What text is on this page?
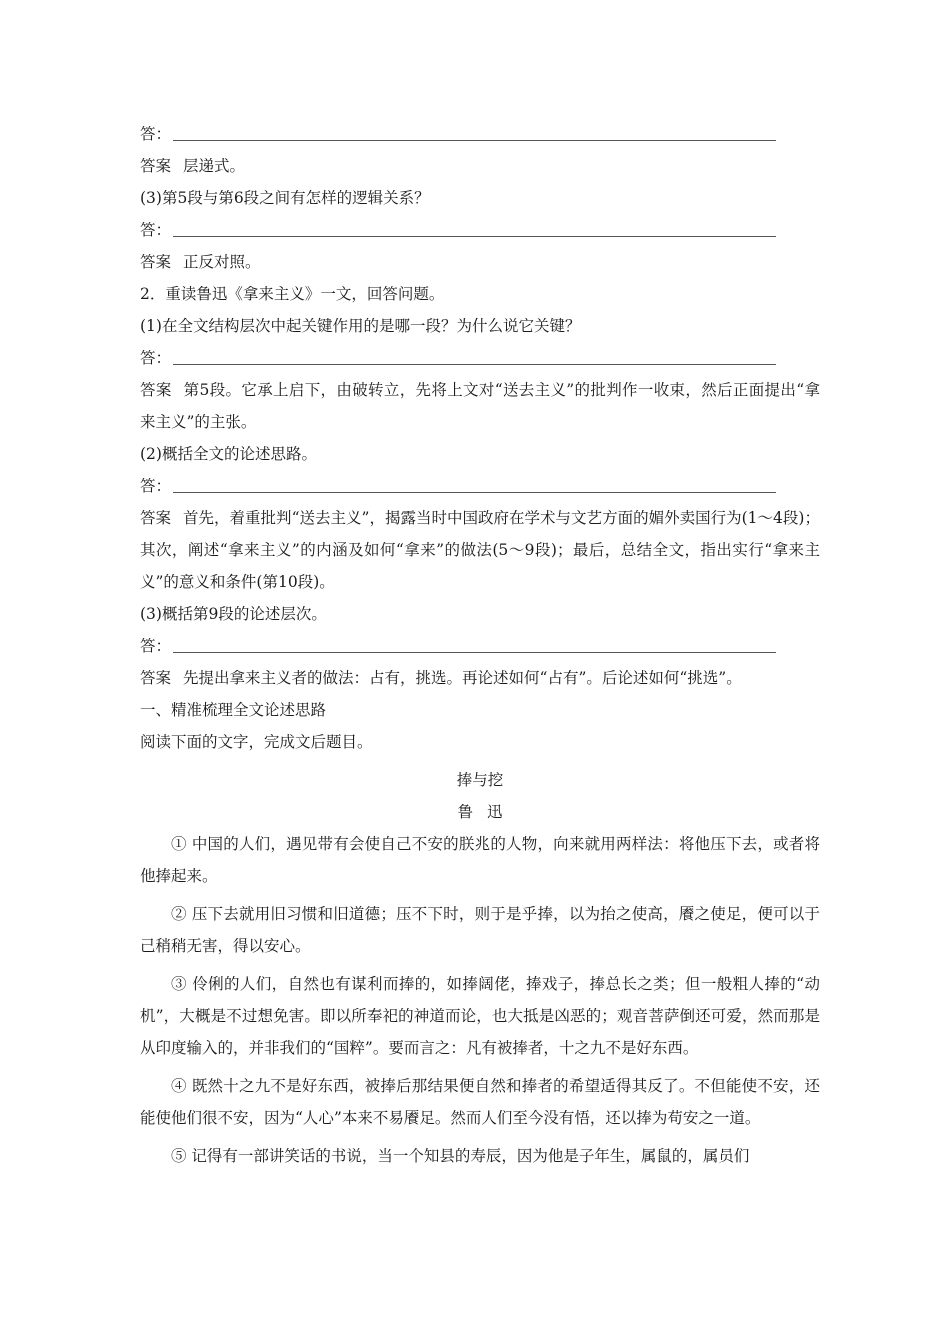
答：
答案 层递式。
(3)第5段与第6段之间有怎样的逻辑关系？
答：
答案 正反对照。
2．重读鲁迅《拿来主义》一文，回答问题。
(1)在全文结构层次中起关键作用的是哪一段？为什么说它关键？
答：
答案 第5段。它承上启下，由破转立，先将上文对“送去主义”的批判作一收束，然后正面提出“拿来主义”的主张。
(2)概括全文的论述思路。
答：
答案 首先，着重批判“送去主义”，揭露当时中国政府在学术与文艺方面的媚外卖国行为(1～4段)；其次，阐述“拿来主义”的内涵及如何“拿来”的做法(5～9段)；最后，总结全文，指出实行“拿来主义”的意义和条件(第10段)。
(3)概括第9段的论述层次。
答：
答案 先提出拿来主义者的做法：占有，挑选。再论述如何“占有”。后论述如何“挑选”。
一、精准梳理全文论述思路
阅读下面的文字，完成文后题目。
捧与挖
鲁迅
① 中国的人们，遇见带有会使自己不安的朕兆的人物，向来就用两样法：将他压下去，或者将他捧起来。
② 压下去就用旧习惯和旧道德；压不下时，则于是乎捧，以为抬之使高，餍之使足，便可以于己稍稍无害，得以安心。
③ 伶俐的人们，自然也有谋利而捧的，如捧阔佬，捧戏子，捧总长之类；但一般粗人捧的“动机”，大概是不过想免害。即以所奉祀的神道而论，也大抵是凶恶的；观音菩萨倒还可爱，然而那是从印度输入的，并非我们的“国粹”。要而言之：凡有被捧者，十之九不是好东西。
④ 既然十之九不是好东西，被捧后那结果便自然和捧者的希望适得其反了。不但能使不安，还能使他们很不安，因为“人心”本来不易餍足。然而人们至今没有悟，还以捧为苟安之一道。
⑤ 记得有一部讲笑话的书说，当一个知县的寿辰，因为他是子年生，属鼠的，属员们
